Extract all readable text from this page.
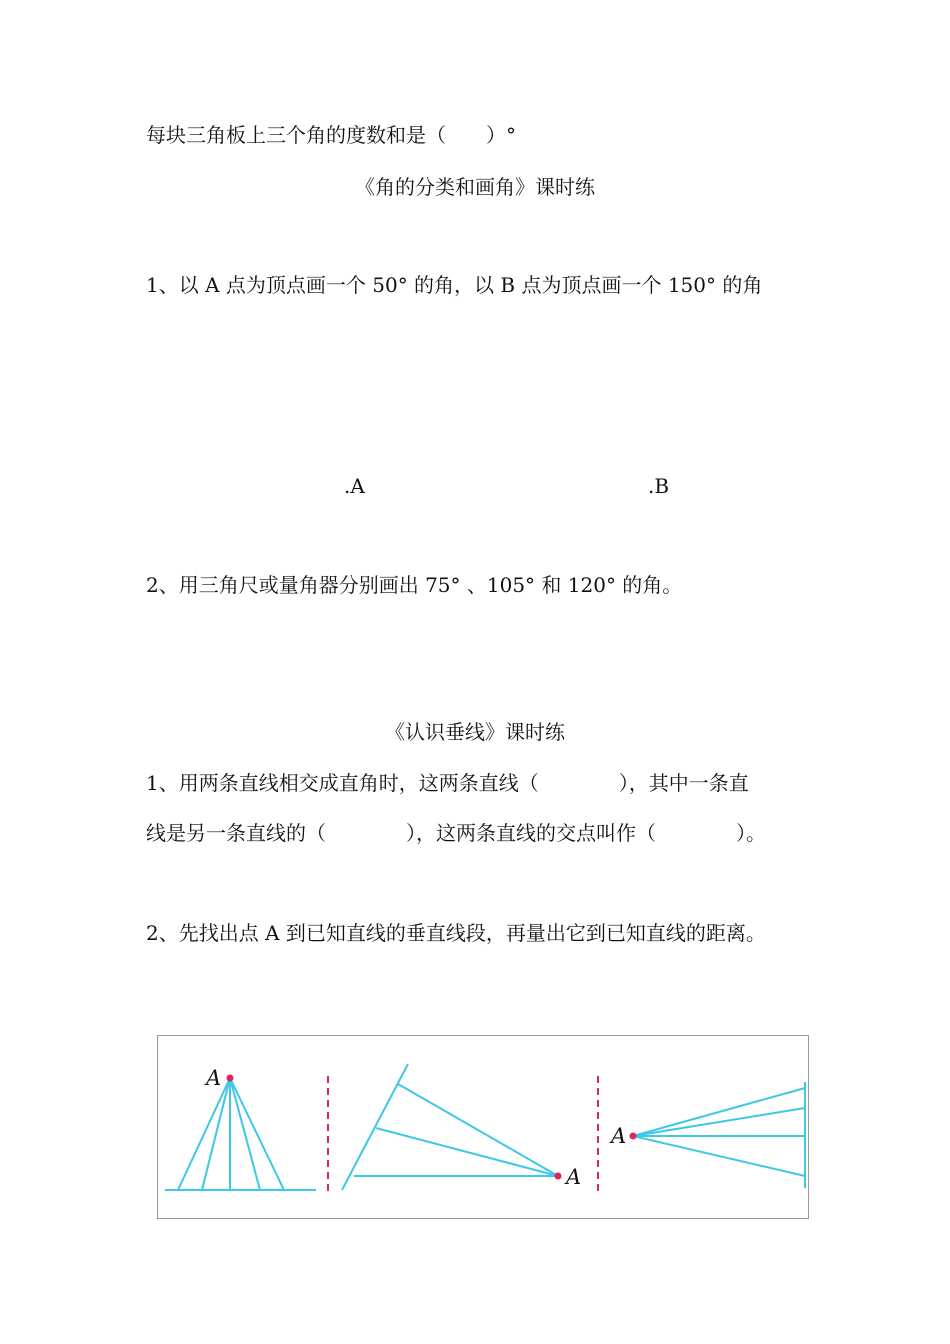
每块三角板上三个角的度数和是（　　）°
《角的分类和画角》课时练
1、以 A 点为顶点画一个 50° 的角，以 B 点为顶点画一个 150° 的角
.A	.B
2、用三角尺或量角器分别画出 75° 、105° 和 120° 的角。
《认识垂线》课时练
1、用两条直线相交成直角时，这两条直线（　　　　），其中一条直
线是另一条直线的（　　　　），这两条直线的交点叫作（　　　　）。
2、先找出点 A 到已知直线的垂直线段，再量出它到已知直线的距离。
A
A
A
